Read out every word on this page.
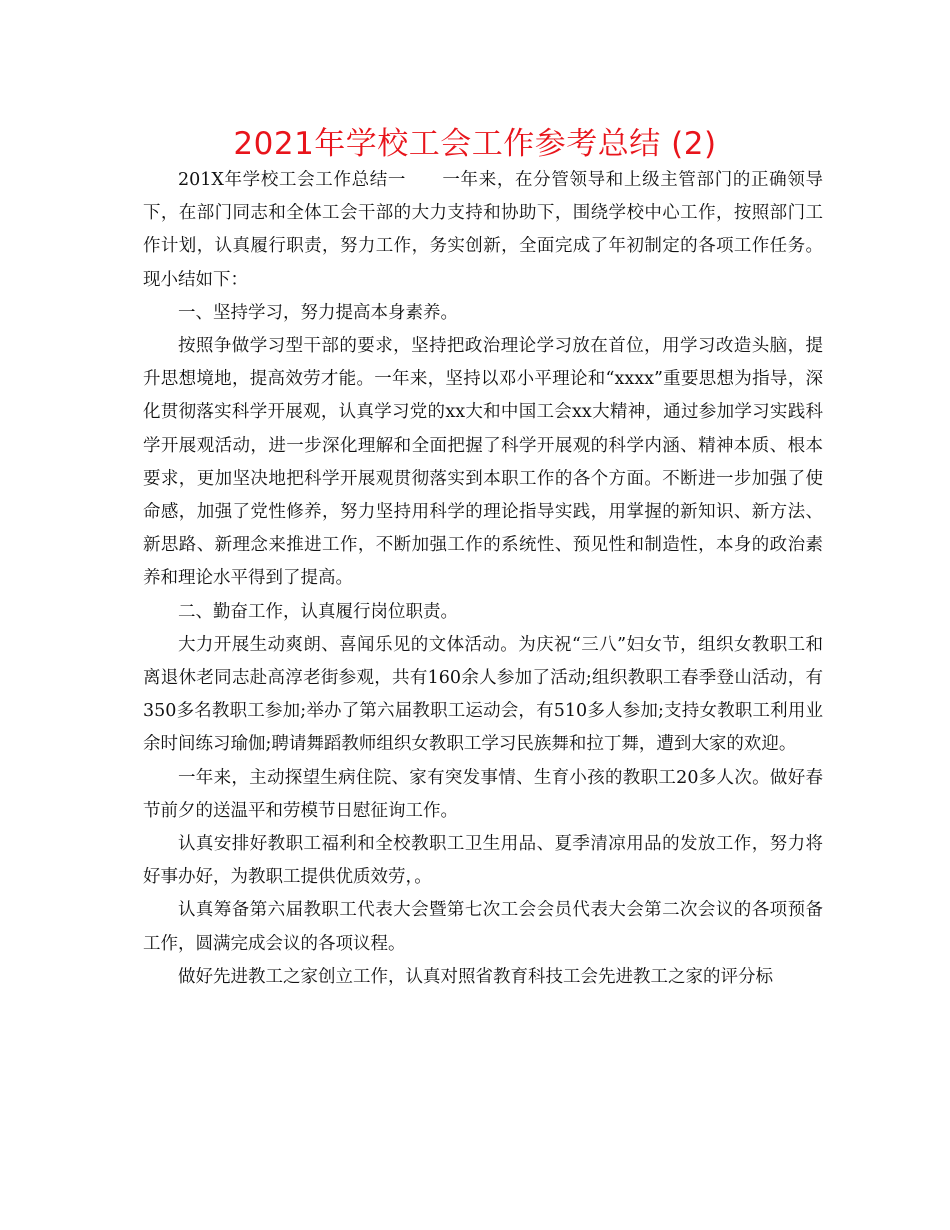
2021年学校工会工作参考总结 (2)

201X年学校工会工作总结一　　一年来，在分管领导和上级主管部门的正确领导下，在部门同志和全体工会干部的大力支持和协助下，围绕学校中心工作，按照部门工作计划，认真履行职责，努力工作，务实创新，全面完成了年初制定的各项工作任务。现小结如下：

一、坚持学习，努力提高本身素养。

按照争做学习型干部的要求，坚持把政治理论学习放在首位，用学习改造头脑，提升思想境地，提高效劳才能。一年来，坚持以邓小平理论和“xxxx”重要思想为指导，深化贯彻落实科学开展观，认真学习党的xx大和中国工会xx大精神，通过参加学习实践科学开展观活动，进一步深化理解和全面把握了科学开展观的科学内涵、精神本质、根本要求，更加坚决地把科学开展观贯彻落实到本职工作的各个方面。不断进一步加强了使命感，加强了党性修养，努力坚持用科学的理论指导实践，用掌握的新知识、新方法、新思路、新理念来推进工作，不断加强工作的系统性、预见性和制造性，本身的政治素养和理论水平得到了提高。

二、勤奋工作，认真履行岗位职责。

大力开展生动爽朗、喜闻乐见的文体活动。为庆祝“三八”妇女节，组织女教职工和离退休老同志赴高淳老街参观，共有160余人参加了活动;组织教职工春季登山活动，有350多名教职工参加;举办了第六届教职工运动会，有510多人参加;支持女教职工利用业余时间练习瑜伽;聘请舞蹈教师组织女教职工学习民族舞和拉丁舞，遭到大家的欢迎。

一年来，主动探望生病住院、家有突发事情、生育小孩的教职工20多人次。做好春节前夕的送温平和劳模节日慰征询工作。

认真安排好教职工福利和全校教职工卫生用品、夏季清凉用品的发放工作，努力将好事办好，为教职工提供优质效劳，。

认真筹备第六届教职工代表大会暨第七次工会会员代表大会第二次会议的各项预备工作，圆满完成会议的各项议程。

做好先进教工之家创立工作，认真对照省教育科技工会先进教工之家的评分标
